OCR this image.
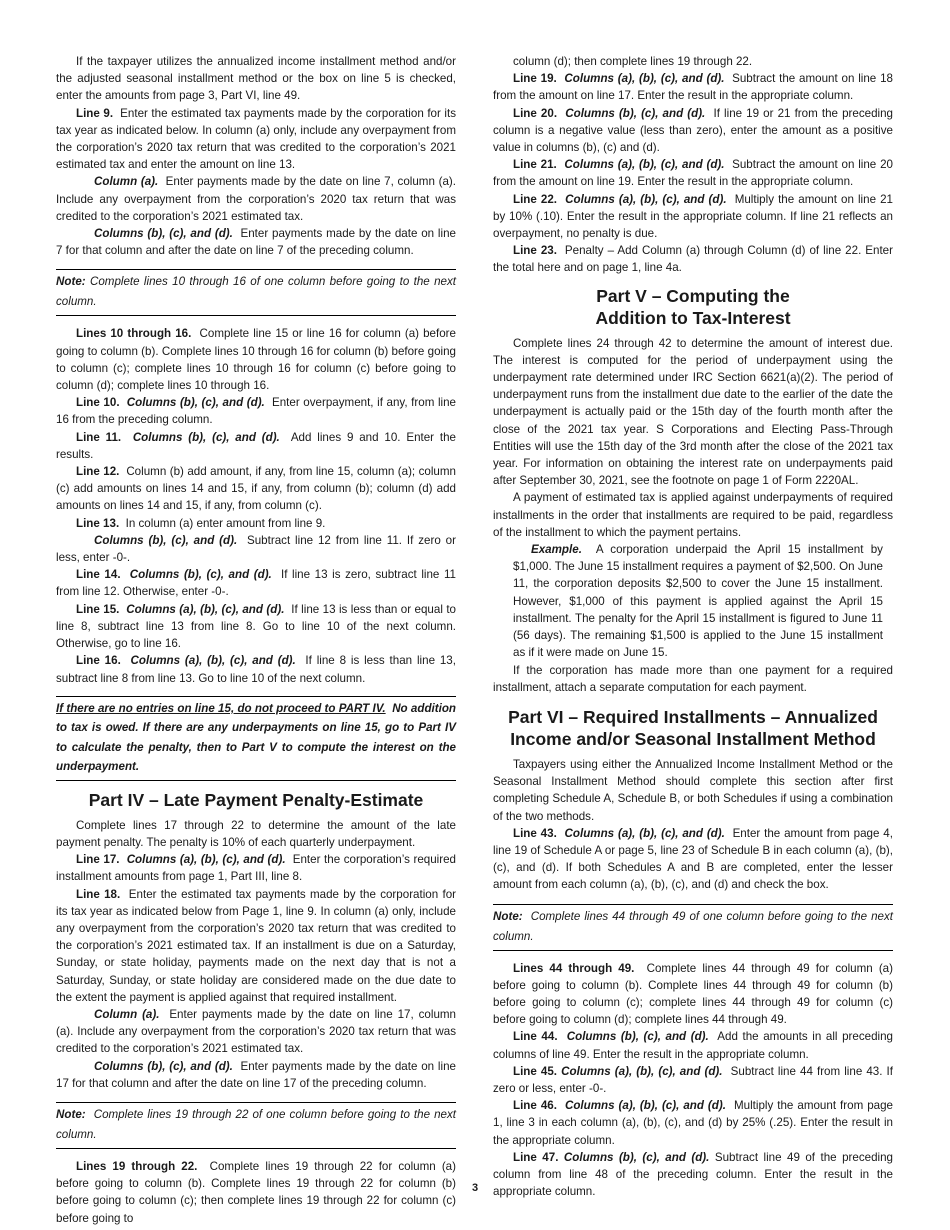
If the taxpayer utilizes the annualized income installment method and/or the adjusted seasonal installment method or the box on line 5 is checked, enter the amounts from page 3, Part VI, line 49.

Line 9. Enter the estimated tax payments made by the corporation for its tax year as indicated below. In column (a) only, include any overpayment from the corporation’s 2020 tax return that was credited to the corporation’s 2021 estimated tax and enter the amount on line 13.

Column (a). Enter payments made by the date on line 7, column (a). Include any overpayment from the corporation’s 2020 tax return that was credited to the corporation’s 2021 estimated tax.

Columns (b), (c), and (d). Enter payments made by the date on line 7 for that column and after the date on line 7 of the preceding column.

Note: Complete lines 10 through 16 of one column before going to the next column.

Lines 10 through 16. Complete line 15 or line 16 for column (a) before going to column (b). Complete lines 10 through 16 for column (b) before going to column (c); complete lines 10 through 16 for column (c) before going to column (d); complete lines 10 through 16.

Line 10. Columns (b), (c), and (d). Enter overpayment, if any, from line 16 from the preceding column.

Line 11. Columns (b), (c), and (d). Add lines 9 and 10. Enter the results.

Line 12. Column (b) add amount, if any, from line 15, column (a); column (c) add amounts on lines 14 and 15, if any, from column (b); column (d) add amounts on lines 14 and 15, if any, from column (c).

Line 13. In column (a) enter amount from line 9.

Columns (b), (c), and (d). Subtract line 12 from line 11. If zero or less, enter -0-.

Line 14. Columns (b), (c), and (d). If line 13 is zero, subtract line 11 from line 12. Otherwise, enter -0-.

Line 15. Columns (a), (b), (c), and (d). If line 13 is less than or equal to line 8, subtract line 13 from line 8. Go to line 10 of the next column. Otherwise, go to line 16.

Line 16. Columns (a), (b), (c), and (d). If line 8 is less than line 13, subtract line 8 from line 13. Go to line 10 of the next column.

If there are no entries on line 15, do not proceed to PART IV. No addition to tax is owed. If there are any underpayments on line 15, go to Part IV to calculate the penalty, then to Part V to compute the interest on the underpayment.
Part IV – Late Payment Penalty-Estimate

Complete lines 17 through 22 to determine the amount of the late payment penalty. The penalty is 10% of each quarterly underpayment.

Line 17. Columns (a), (b), (c), and (d). Enter the corporation’s required installment amounts from page 1, Part III, line 8.

Line 18. Enter the estimated tax payments made by the corporation for its tax year as indicated below from Page 1, line 9. In column (a) only, include any overpayment from the corporation’s 2020 tax return that was credited to the corporation’s 2021 estimated tax. If an installment is due on a Saturday, Sunday, or state holiday, payments made on the next day that is not a Saturday, Sunday, or state holiday are considered made on the due date to the extent the payment is applied against that required installment.

Column (a). Enter payments made by the date on line 17, column (a). Include any overpayment from the corporation’s 2020 tax return that was credited to the corporation’s 2021 estimated tax.

Columns (b), (c), and (d). Enter payments made by the date on line 17 for that column and after the date on line 17 of the preceding column.

Note: Complete lines 19 through 22 of one column before going to the next column.

Lines 19 through 22. Complete lines 19 through 22 for column (a) before going to column (b). Complete lines 19 through 22 for column (b) before going to column (c); then complete lines 19 through 22 for column (c) before going to

column (d); then complete lines 19 through 22.

Line 19. Columns (a), (b), (c), and (d). Subtract the amount on line 18 from the amount on line 17. Enter the result in the appropriate column.

Line 20. Columns (b), (c), and (d). If line 19 or 21 from the preceding column is a negative value (less than zero), enter the amount as a positive value in columns (b), (c) and (d).

Line 21. Columns (a), (b), (c), and (d). Subtract the amount on line 20 from the amount on line 19. Enter the result in the appropriate column.

Line 22. Columns (a), (b), (c), and (d). Multiply the amount on line 21 by 10% (.10). Enter the result in the appropriate column. If line 21 reflects an overpayment, no penalty is due.

Line 23. Penalty – Add Column (a) through Column (d) of line 22. Enter the total here and on page 1, line 4a.

Part V – Computing the
Addition to Tax-Interest

Complete lines 24 through 42 to determine the amount of interest due. The interest is computed for the period of underpayment using the underpayment rate determined under IRC Section 6621(a)(2). The period of underpayment runs from the installment due date to the earlier of the date the underpayment is actually paid or the 15th day of the fourth month after the close of the 2021 tax year. S Corporations and Electing Pass-Through Entities will use the 15th day of the 3rd month after the close of the 2021 tax year. For information on obtaining the interest rate on underpayments paid after September 30, 2021, see the footnote on page 1 of Form 2220AL.

A payment of estimated tax is applied against underpayments of required installments in the order that installments are required to be paid, regardless of the installment to which the payment pertains.

Example. A corporation underpaid the April 15 installment by $1,000. The June 15 installment requires a payment of $2,500. On June 11, the corporation deposits $2,500 to cover the June 15 installment. However, $1,000 of this payment is applied against the April 15 installment. The penalty for the April 15 installment is figured to June 11 (56 days). The remaining $1,500 is applied to the June 15 installment as if it were made on June 15.

If the corporation has made more than one payment for a required installment, attach a separate computation for each payment.

Part VI – Required Installments – Annualized
Income and/or Seasonal Installment Method

Taxpayers using either the Annualized Income Installment Method or the Seasonal Installment Method should complete this section after first completing Schedule A, Schedule B, or both Schedules if using a combination of the two methods.

Line 43. Columns (a), (b), (c), and (d). Enter the amount from page 4, line 19 of Schedule A or page 5, line 23 of Schedule B in each column (a), (b), (c), and (d). If both Schedules A and B are completed, enter the lesser amount from each column (a), (b), (c), and (d) and check the box.

Note: Complete lines 44 through 49 of one column before going to the next column.

Lines 44 through 49. Complete lines 44 through 49 for column (a) before going to column (b). Complete lines 44 through 49 for column (b) before going to column (c); complete lines 44 through 49 for column (c) before going to column (d); complete lines 44 through 49.

Line 44. Columns (b), (c), and (d). Add the amounts in all preceding columns of line 49. Enter the result in the appropriate column.

Line 45. Columns (a), (b), (c), and (d). Subtract line 44 from line 43. If zero or less, enter -0-.

Line 46. Columns (a), (b), (c), and (d). Multiply the amount from page 1, line 3 in each column (a), (b), (c), and (d) by 25% (.25). Enter the result in the appropriate column.

Line 47. Columns (b), (c), and (d). Subtract line 49 of the preceding column from line 48 of the preceding column. Enter the result in the appropriate column.

3
